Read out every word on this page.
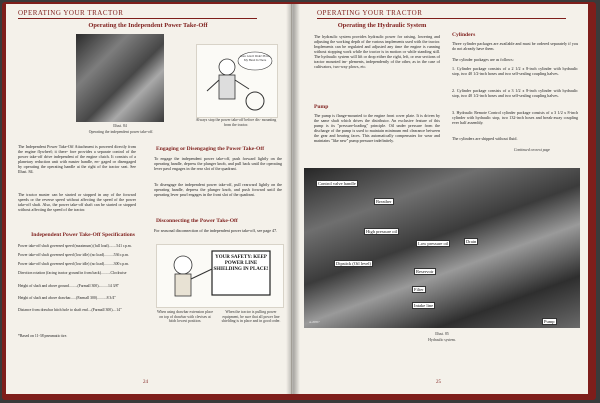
OPERATING YOUR TRACTOR
Operating the Independent Power Take-Off
Illust. 84
Operating the independent power take-off.
Sure Glad I Didn't Have My Hand In There
Always stop the power take-off before dis- mounting from the tractor.
The Independent Power Take-Off Attachment is powered directly from the engine flywheel; it there- fore provides a separate control of the power take-off drive independent of the engine clutch. It consists of a planetary reduction unit with master handle, en- gaged or disengaged by operating the operating handle at the right of the tractor seat. See Illust. 84.
The tractor master can be started or stopped in any of the forward speeds or the reverse speed without affecting the speed of the power take-off shaft. Also, the power take-off shaft can be started or stopped without affecting the speed of the tractor.
Engaging or Disengaging the Power Take-Off
To engage the independent power take-off, push forward lightly on the operating handle, depress the plunger knob, and pull back until the operating lever pawl engages in the rear slot of the quadrant.
To disengage the independent power take-off, pull rearward lightly on the operating handle, depress the plunger knob, and push forward until the operating lever pawl engages in the front slot of the quadrant.
Disconnecting the Power Take-Off
For seasonal disconnection of the independent power take-off, see page 47.
Independent Power Take-Off Specifications
Power take-off shaft governed speed (maximum) (full load)........541 r.p.m.
Power take-off shaft governed speed (low idle) (no load)..........536 r.p.m.
Power take-off shaft governed speed (low idle) (no load)..........300 r.p.m.
Direction rotation (facing tractor ground in from back)..........Clockwise
Height of shaft and above ground.........(Farmall 300)..........14 3/8"
Height of shaft and above drawbar......(Farmall 300)..........8 3/4"
Distance from drawbar hitch hole to shaft end....(Farmall 300)....14"
*Based on 11-38 pneumatic tire.
YOUR SAFETY: KEEP POWER LINE SHIELDING IN PLACE!
When using drawbar extension place on top of drawbar with clevises at hitch lowest position.
When the tractor is pulling power equipment, be sure that all power line shielding is in place and in good order.
24
OPERATING YOUR TRACTOR
Operating the Hydraulic System
The hydraulic system provides hydraulic power for raising, lowering and adjusting the working depth of the various implements used with the tractor. Implements can be regulated and adjusted any time the engine is running without stopping work while the tractor is in motion or while standing still. The hydraulic system will lift or drop either the right, left, or rear sections of tractor mounted im- plements, independently of the other, as in the case of cultivators, two-way plows, etc.
Pump
The pump is flange-mounted to the engine front cover plate. It is driven by the same shaft which drives the distributor. An exclusive feature of this pump is its "pressure-loading" principle. Oil under pressure from the discharge of the pump is used to maintain minimum end clearance between the gear and bearing faces. This automatically compensates for wear and maintains "like new" pump pressure indefinitely.
Cylinders
Three cylinder packages are available and must be ordered separately if you do not already have them.
The cylinder packages are as follows:
1. Cylinder package consists of a 2 1/2 x 8-inch cylinder with hydraulic stop, two 40 1/2-inch hoses and two self-sealing coupling halves.
2. Cylinder package consists of a 3 1/2 x 8-inch cylinder with hydraulic stop, two 40 1/2-inch hoses and two self-sealing coupling halves.
3. Hydraulic Remote Control cylinder package consists of a 3 1/2 x 8-inch cylinder with hydraulic stop, two 132-inch hoses and break-away coupling ever half assembly.
The cylinders are shipped without fluid.
Continued on next page
Control valve handle
Breather
High pressure oil
Low pressure oil	Drain
Dipstick (Oil level)
Reservoir
Filter
Intake line
Pump
A-20857
Illust. 85
Hydraulic system.
25
